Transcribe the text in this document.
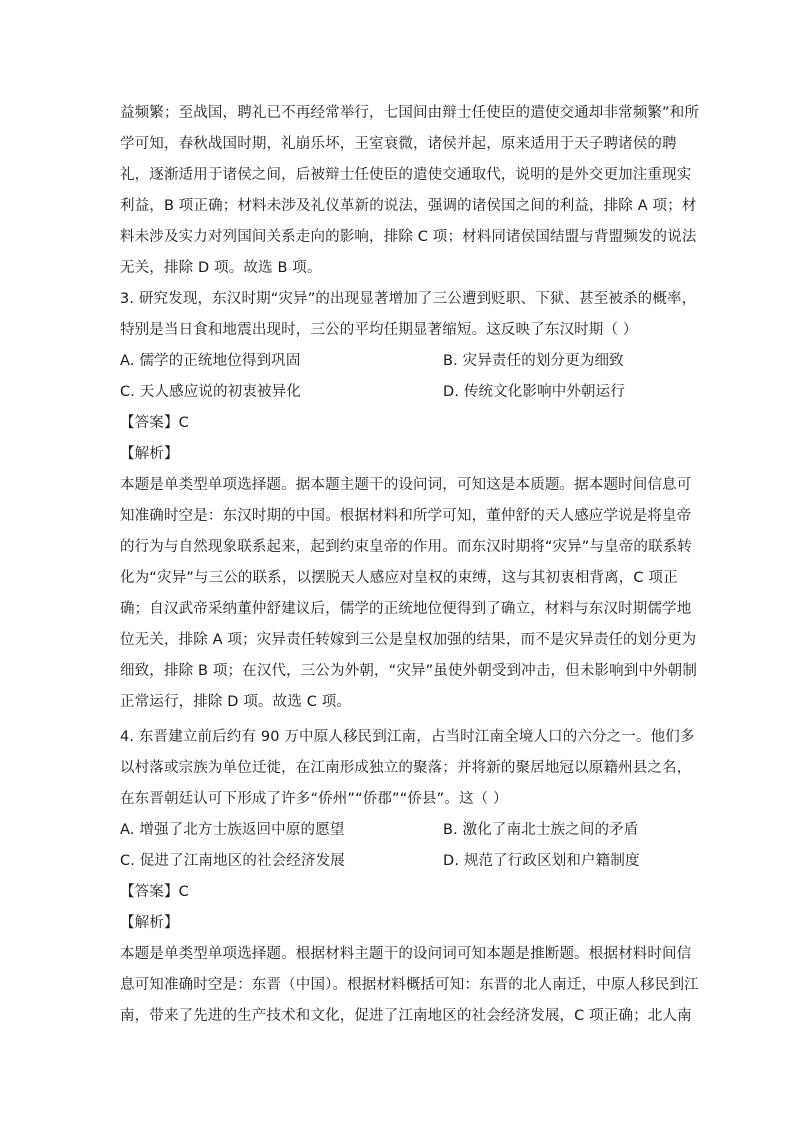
益频繁；至战国，聘礼已不再经常举行，七国间由辩士任使臣的遣使交通却非常频繁”和所
学可知，春秋战国时期，礼崩乐坏，王室衰微，诸侯并起，原来适用于天子聘诸侯的聘
礼，逐渐适用于诸侯之间，后被辩士任使臣的遣使交通取代，说明的是外交更加注重现实
利益，B 项正确；材料未涉及礼仪革新的说法，强调的诸侯国之间的利益，排除 A 项；材
料未涉及实力对列国间关系走向的影响，排除 C 项；材料同诸侯国结盟与背盟频发的说法
无关，排除 D 项。故选 B 项。
3. 研究发现，东汉时期“灾异”的出现显著增加了三公遭到贬职、下狱、甚至被杀的概率，
特别是当日食和地震出现时，三公的平均任期显著缩短。这反映了东汉时期（ ）
A. 儒学的正统地位得到巩固	B. 灾异责任的划分更为细致
C. 天人感应说的初衷被异化	D. 传统文化影响中外朝运行
【答案】C
【解析】
本题是单类型单项选择题。据本题主题干的设问词，可知这是本质题。据本题时间信息可
知准确时空是：东汉时期的中国。根据材料和所学可知，董仲舒的天人感应学说是将皇帝
的行为与自然现象联系起来，起到约束皇帝的作用。而东汉时期将“灾异”与皇帝的联系转
化为“灾异”与三公的联系，以摆脱天人感应对皇权的束缚，这与其初衷相背离，C 项正
确；自汉武帝采纳董仲舒建议后，儒学的正统地位便得到了确立，材料与东汉时期儒学地
位无关，排除 A 项；灾异责任转嫁到三公是皇权加强的结果，而不是灾异责任的划分更为
细致，排除 B 项；在汉代，三公为外朝，“灾异”虽使外朝受到冲击，但未影响到中外朝制
正常运行，排除 D 项。故选 C 项。
4. 东晋建立前后约有 90 万中原人移民到江南，占当时江南全境人口的六分之一。他们多
以村落或宗族为单位迁徙，在江南形成独立的聚落；并将新的聚居地冠以原籍州县之名，
在东晋朝廷认可下形成了许多“侨州”“侨郡”“侨县”。这（ ）
A. 增强了北方士族返回中原的愿望	B. 激化了南北士族之间的矛盾
C. 促进了江南地区的社会经济发展	D. 规范了行政区划和户籍制度
【答案】C
【解析】
本题是单类型单项选择题。根据材料主题干的设问词可知本题是推断题。根据材料时间信
息可知准确时空是：东晋（中国）。根据材料概括可知：东晋的北人南迁，中原人移民到江
南，带来了先进的生产技术和文化，促进了江南地区的社会经济发展，C 项正确；北人南
